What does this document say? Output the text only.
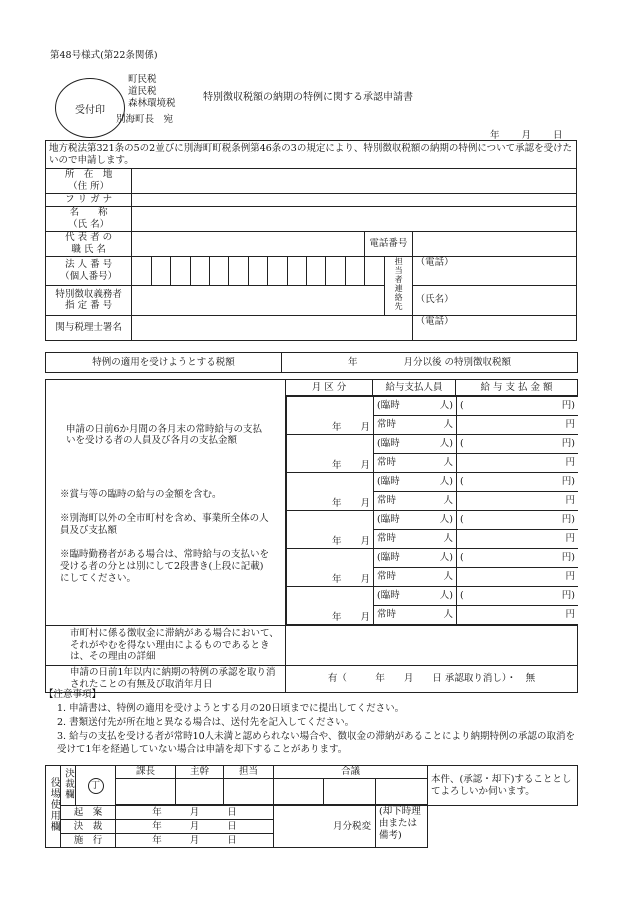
第48号様式(第22条関係)
受付印
町民税
道民税
森林環境税
別海町長　宛
特別徴収税額の納期の特例に関する承認申請書
年 月 日
地方税法第321条の5の2並びに別海町町税条例第46条の3の規定により、特別徴収税額の納期の特例について承認を受けたいので申請します。															
所　在　地
（住 所）															
フ リ ガ ナ															
名　　称
（氏 名）															
代 表 者 の
職 氏 名													電話番号		
法 人 番 号
（個人番号）														担当者連絡先	（電話）
特別徴収義務者
指 定 番 号															（氏名）
関与税理士署名															（電話）
特例の適用を受けようとする税額	年	月分以後 の特別徴収税額
	月 区 分	給与支払人員	給 与 支 払 金 額

申請の日前6か月間の各月末の常時給与の支払いを受ける者の人員及び各月の支払金額
※賞与等の臨時の給与の金額を含む。
※別海町以外の全市町村を含め、事業所全体の人員及び支払額
※臨時勤務者がある場合は、常時給与の支払いを受ける者の分とは別にして2段書き(上段に記載)にしてください。

年　　月	(臨時	人)	(	円)

常時	人	円
年　　月	(臨時	人)	(	円)

常時	人	円
年　　月	(臨時	人)	(	円)

常時	人	円
年　　月	(臨時	人)	(	円)

常時	人	円
年　　月	(臨時	人)	(	円)

常時	人	円
年　　月	(臨時	人)	(	円)

常時	人	円

市町村に係る徴収金に滞納がある場合において、それがやむを得ない理由によるものであるときは、その理由の詳細	
申請の日前1年以内に納期の特例の承認を取り消されたことの有無及び取消年月日	有（　　　年　　月　　日 承認取り消し）・　無
【注意事項】
1. 申請書は、特例の適用を受けようとする月の20日頃までに提出してください。
2. 書類送付先が所在地と異なる場合は、送付先を記入してください。
3. 給与の支払を受ける者が常時10人未満と認められない場合や、徴収金の滞納があることにより納期特例の承認の取消を受けて1年を経過していない場合は申請を却下することがあります。
役場使用欄	決裁欄	丁	課長	主幹	担当	合議			本件、(承認・却下)することとしてよろしいか伺います。

	起　案		年 月 日			月分税変		(却下時理由または備考)	
	決　裁		年 月 日						
	施　行		年 月 日						
